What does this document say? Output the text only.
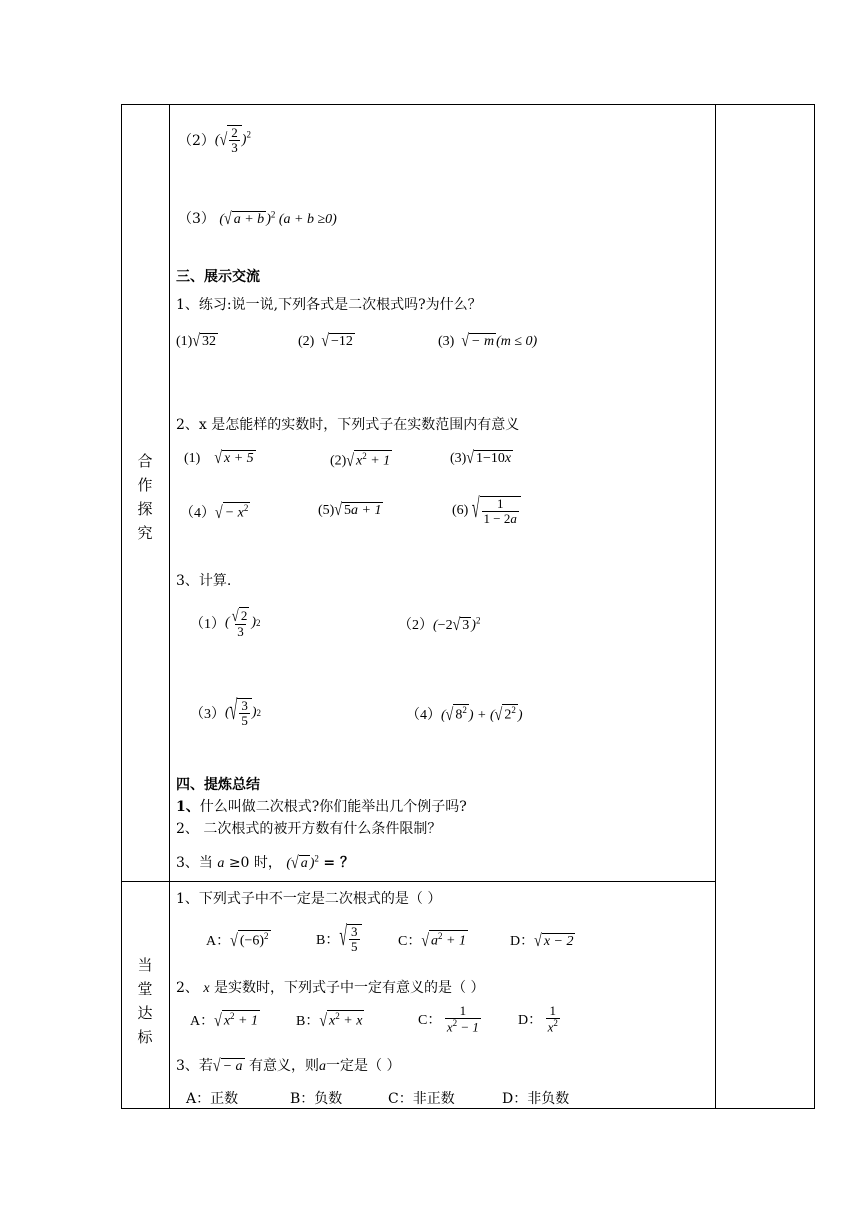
合
作
探
究
当
堂
达
标
（2） (√ $\frac{2}{3} )^2$
（3） (√ a + b )$^2$ (a + b ≥0)
三、展示交流
1、练习:说一说,下列各式是二次根式吗?为什么？
(1)√ 32	(2) √ −12	(3) √ − m (m ≤ 0)
2、x 是怎能样的实数时，下列式子在实数范围内有意义
(1) √ x + 5	(2)√ $x^2 + 1$	(3)√ 1−10x
$(4)√ - x^2$	(5)√ 5a + 1	(6)
√ $\frac{1}{1 - 2a}$
3、计算.
（1） ( $\frac{√ 2}{3}$ ) 2	（2）(−2√ 3 )$^2$
（3） ( √ $\frac{3}{5}$ ) 2	（4）(√ $8^2$ ) + (√ $2^2$ )
四、提炼总结
1、什么叫做二次根式?你们能举出几个例子吗?
2、 二次根式的被开方数有什么条件限制？
3、当 a ≥0 时， (√ a )$^2$ = ？
1、下列式子中不一定是二次根式的是（ ）
A：√ $(-6)^2$	B： √ $\frac{3}{5}$	C：√ $a^2 + 1$	D：√ x − 2
2、 x 是实数时，下列式子中一定有意义的是（ ）
A：√ $x^2 + 1$	B：√ $x^2 + x$	C：
$\frac{1}{x^2 - 1}$	D：
$\frac{1}{x^2}$
3、若√ − a 有意义，则a一定是（ ）
A：正数	B：负数	C：非正数	D：非负数
